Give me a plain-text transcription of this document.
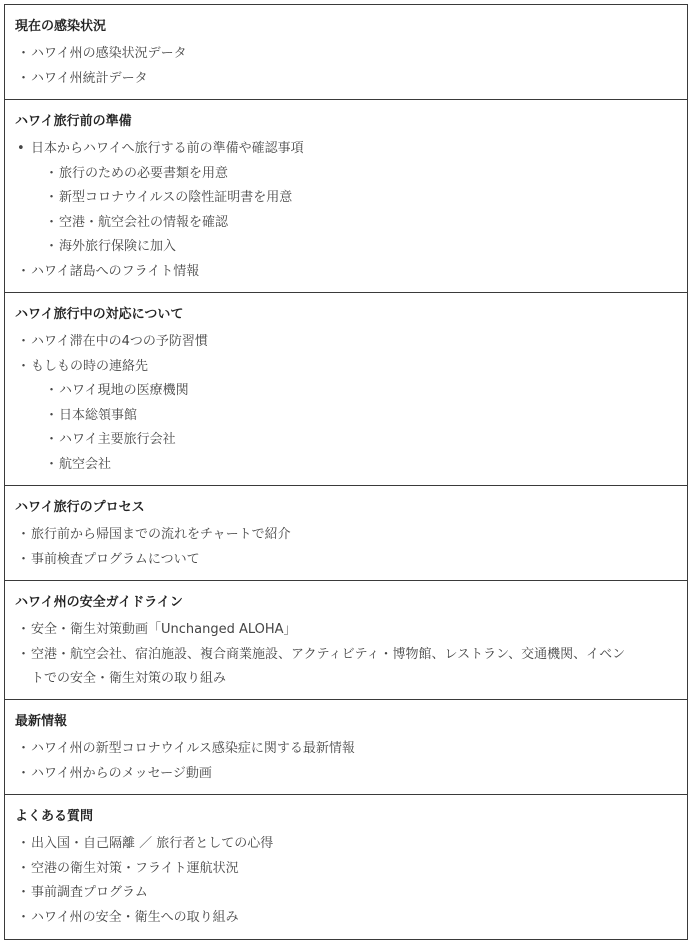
現在の感染状況
・ ハワイ州の感染状況データ
・ ハワイ州統計データ
ハワイ旅行前の準備
• 日本からハワイへ旅行する前の準備や確認事項
・ 旅行のための必要書類を用意
・ 新型コロナウイルスの陰性証明書を用意
・ 空港・航空会社の情報を確認
・ 海外旅行保険に加入
・ ハワイ諸島へのフライト情報
ハワイ旅行中の対応について
・ ハワイ滞在中の4つの予防習慣
・ もしもの時の連絡先
・ ハワイ現地の医療機関
・ 日本総領事館
・ ハワイ主要旅行会社
・ 航空会社
ハワイ旅行のプロセス
・ 旅行前から帰国までの流れをチャートで紹介
・ 事前検査プログラムについて
ハワイ州の安全ガイドライン
・ 安全・衛生対策動画「Unchanged ALOHA」
・ 空港・航空会社、宿泊施設、複合商業施設、アクティビティ・博物館、レストラン、交通機関、イベントでの安全・衛生対策の取り組み
最新情報
・ ハワイ州の新型コロナウイルス感染症に関する最新情報
・ ハワイ州からのメッセージ動画
よくある質問
・ 出入国・自己隔離 ／ 旅行者としての心得
・ 空港の衛生対策・フライト運航状況
・ 事前調査プログラム
・ ハワイ州の安全・衛生への取り組み
